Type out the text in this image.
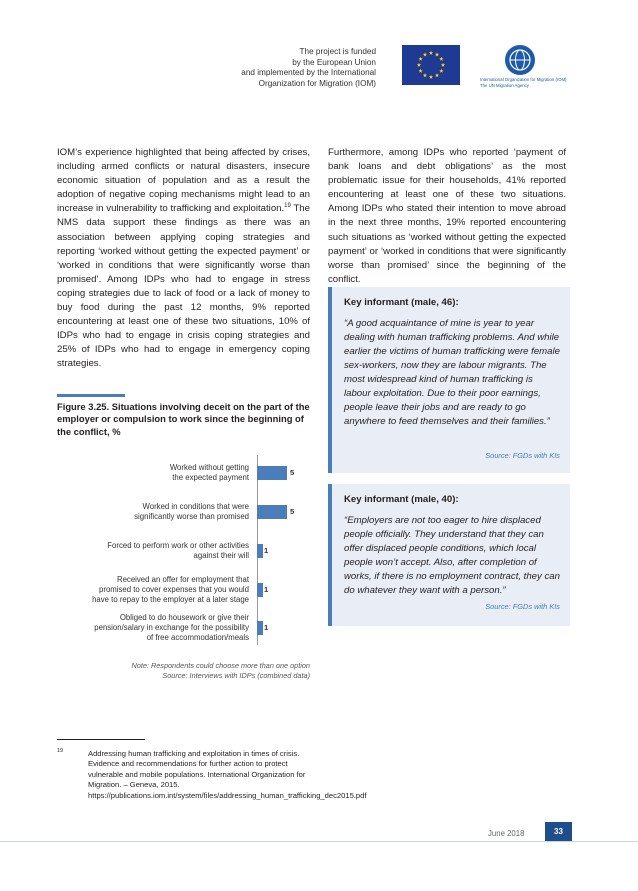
The project is funded
by the European Union
and implemented by the International
Organization for Migration (IOM)	International Organization for Migration (IOM)
The UN Migration Agency

IOM’s experience highlighted that being affected by crises, including armed conflicts or natural disasters, insecure economic situation of population and as a result the adoption of negative coping mechanisms might lead to an increase in vulnerability to trafficking and exploitation.$^{19}$ The NMS data support these findings as there was an association between applying coping strategies and reporting ‘worked without getting the expected payment’ or ‘worked in conditions that were significantly worse than promised’. Among IDPs who had to engage in stress coping strategies due to lack of food or a lack of money to buy food during the past 12 months, 9% reported encountering at least one of these two situations, 10% of IDPs who had to engage in crisis coping strategies and 25% of IDPs who had to engage in emergency coping strategies.

Figure 3.25. Situations involving deceit on the part of the employer or compulsion to work since the beginning of the conflict, %
Worked without getting
the expected payment
5
Worked in conditions that were
significantly worse than promised
5
Forced to perform work or other activities
against their will
1
Received an offer for employment that
promised to cover expenses that you would
have to repay to the employer at a later stage
1
Obliged to do housework or give their
pension/salary in exchange for the possibility
of free accommodation/meals
1
Note: Respondents could choose more than one option
Source: Interviews with IDPs (combined data)

Furthermore, among IDPs who reported ‘payment of bank loans and debt obligations’ as the most problematic issue for their households, 41% reported encountering at least one of these two situations. Among IDPs who stated their intention to move abroad in the next three months, 19% reported encountering such situations as ‘worked without getting the expected payment’ or ‘worked in conditions that were significantly worse than promised’ since the beginning of the conflict.

Key informant (male, 46):
“A good acquaintance of mine is year to year dealing with human trafficking problems. And while earlier the victims of human trafficking were female sex-workers, now they are labour migrants. The most widespread kind of human trafficking is labour exploitation. Due to their poor earnings, people leave their jobs and are ready to go anywhere to feed themselves and their families.”
Source: FGDs with KIs
Key informant (male, 40):
“Employers are not too eager to hire displaced people officially. They understand that they can offer displaced people conditions, which local people won’t accept. Also, after completion of works, if there is no employment contract, they can do whatever they want with a person.”
Source: FGDs with KIs
19	Addressing human trafficking and exploitation in times of crisis. Evidence and recommendations for further action to protect vulnerable and mobile populations. International Organization for Migration. – Geneva, 2015. https://publications.iom.int/system/files/addressing_human_trafficking_dec2015.pdf
June 2018	33
